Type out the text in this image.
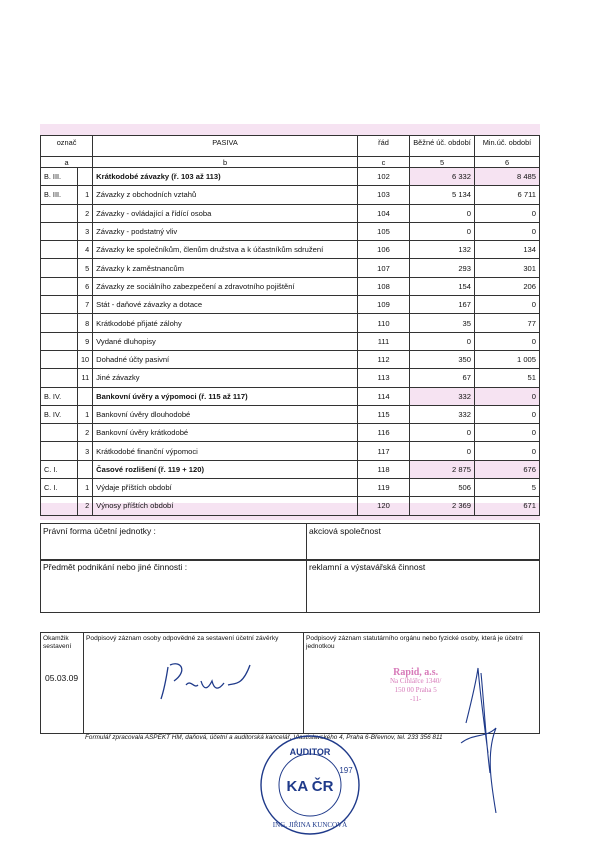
označ		PASIVA	řád	Běžné úč. období	Min.úč. období
a		b	c	5	6
B. III.		Krátkodobé závazky (ř. 103 až 113)	102	6 332	8 485
B. III.	1	Závazky z obchodních vztahů	103	5 134	6 711
	2	Závazky - ovládající a řídící osoba	104	0	0
	3	Závazky - podstatný vliv	105	0	0
	4	Závazky ke společníkům, členům družstva a k účastníkům sdružení	106	132	134
	5	Závazky k zaměstnancům	107	293	301
	6	Závazky ze sociálního zabezpečení a zdravotního pojištění	108	154	206
	7	Stát - daňové závazky a dotace	109	167	0
	8	Krátkodobé přijaté zálohy	110	35	77
	9	Vydané dluhopisy	111	0	0
	10	Dohadné účty pasivní	112	350	1 005
	11	Jiné závazky	113	67	51
B. IV.		Bankovní úvěry a výpomoci (ř. 115 až 117)	114	332	0
B. IV.	1	Bankovní úvěry dlouhodobé	115	332	0
	2	Bankovní úvěry krátkodobé	116	0	0
	3	Krátkodobé finanční výpomoci	117	0	0
C. I.		Časové rozlišení (ř. 119 + 120)	118	2 875	676
C. I.	1	Výdaje příštích období	119	506	5
	2	Výnosy příštích období	120	2 369	671
Právní forma účetní jednotky :	akciová společnost
Předmět podnikání nebo jiné činnosti :	reklamní a výstavářská činnost
Okamžik sestavení
05.03.09
Podpisový záznam osoby odpovědné za sestavení účetní závěrky	Podpisový záznam statutárního orgánu nebo fyzické osoby, která je účetní jednotkou
Rapid, a.s.
Na Cihlářce 1340/
150 00 Praha 5
-11-
Formulář zpracovala ASPEKT HM, daňová, účetní a auditorská kancelář, Vlastislavského 4, Praha 6-Břevnov, tel. 233 356 811
AUDITOR
197
KA ČR
ING. JIŘINA KUNCOVÁ
